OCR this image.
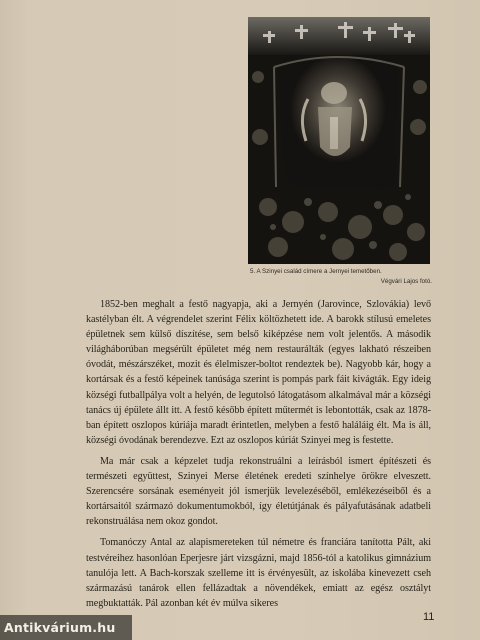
5. A Szinyei család címere a Jernyei temetőben.
Végvári Lajos fotó.

1852-ben meghalt a festő nagyapja, aki a Jernyén (Jarovince, Szlovákia) levő kastélyban élt. A végrendelet szerint Félix költözhetett ide. A barokk stílusú emeletes épületnek sem külső díszítése, sem belső kiképzése nem volt jelentős. A második világháborúban megsérült épületet még nem restaurálták (egyes lakható részeiben óvodát, mészárszéket, mozit és élelmiszer-boltot rendeztek be). Nagyobb kár, hogy a kortársak és a festő képeinek tanúsága szerint is pompás park fáit kivágták. Egy ideig községi futballpálya volt a helyén, de legutolsó látogatásom alkalmával már a községi tanács új épülete állt itt. A festő később épített műtermét is lebontották, csak az 1878-ban épített oszlopos kúriája maradt érintetlen, melyben a festő haláláig élt. Ma is áll, községi óvodának berendezve. Ezt az oszlopos kúriát Szinyei meg is festette.

Ma már csak a képzelet tudja rekonstruálni a leírásból ismert építészeti és természeti együttest, Szinyei Merse életének eredeti színhelye örökre elveszett. Szerencsére sorsának eseményeit jól ismerjük levelezéséből, emlékezéseiből és a kortársaitól származó dokumentumokból, így életútjának és pályafutásának adatbeli rekonstruálása nem okoz gondot.

Tomanóczy Antal az alapismereteken túl németre és franciára tanította Pált, aki testvéreihez hasonlóan Eperjesre járt vizsgázni, majd 1856-tól a katolikus gimnázium tanulója lett. A Bach-korszak szelleme itt is érvényesült, az iskolába kinevezett cseh származású tanárok ellen fellázadtak a növendékek, emiatt az egész osztályt megbuktatták. Pál azonban két év múlva sikeres

11
Antikvárium.hu
